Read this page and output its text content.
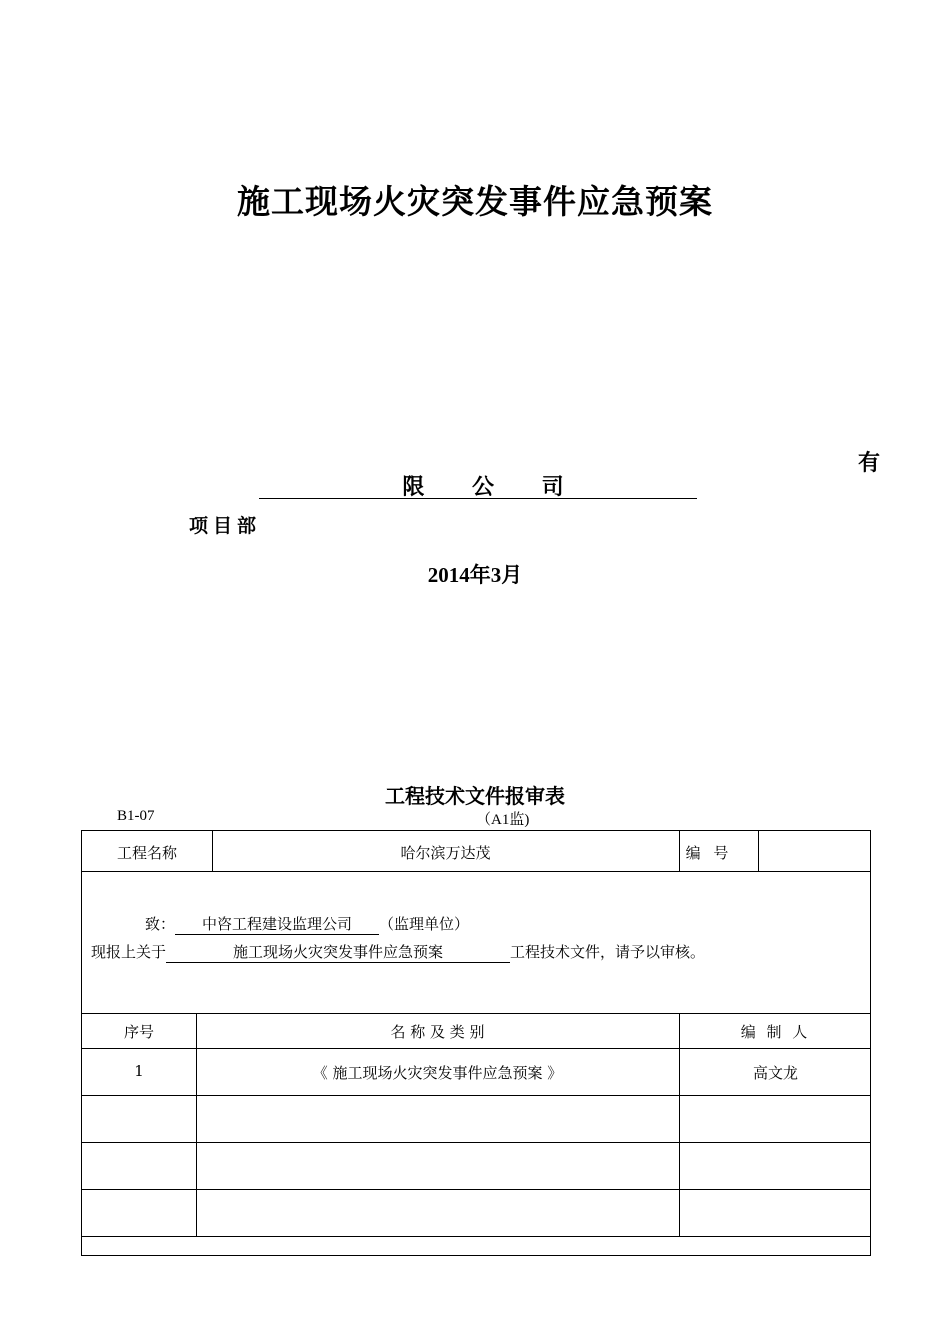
施工现场火灾突发事件应急预案
有
限 公 司
项目部
2014年3月
工程技术文件报审表
B1-07	（A1监)
工程名称	哈尔滨万达茂	编 号
致： 中咨工程建设监理公司 （监理单位）
现报上关于	施工现场火灾突发事件应急预案	工程技术文件，请予以审核。
序号	名 称 及 类 别	编 制 人
1	《 施工现场火灾突发事件应急预案 》	高文龙
